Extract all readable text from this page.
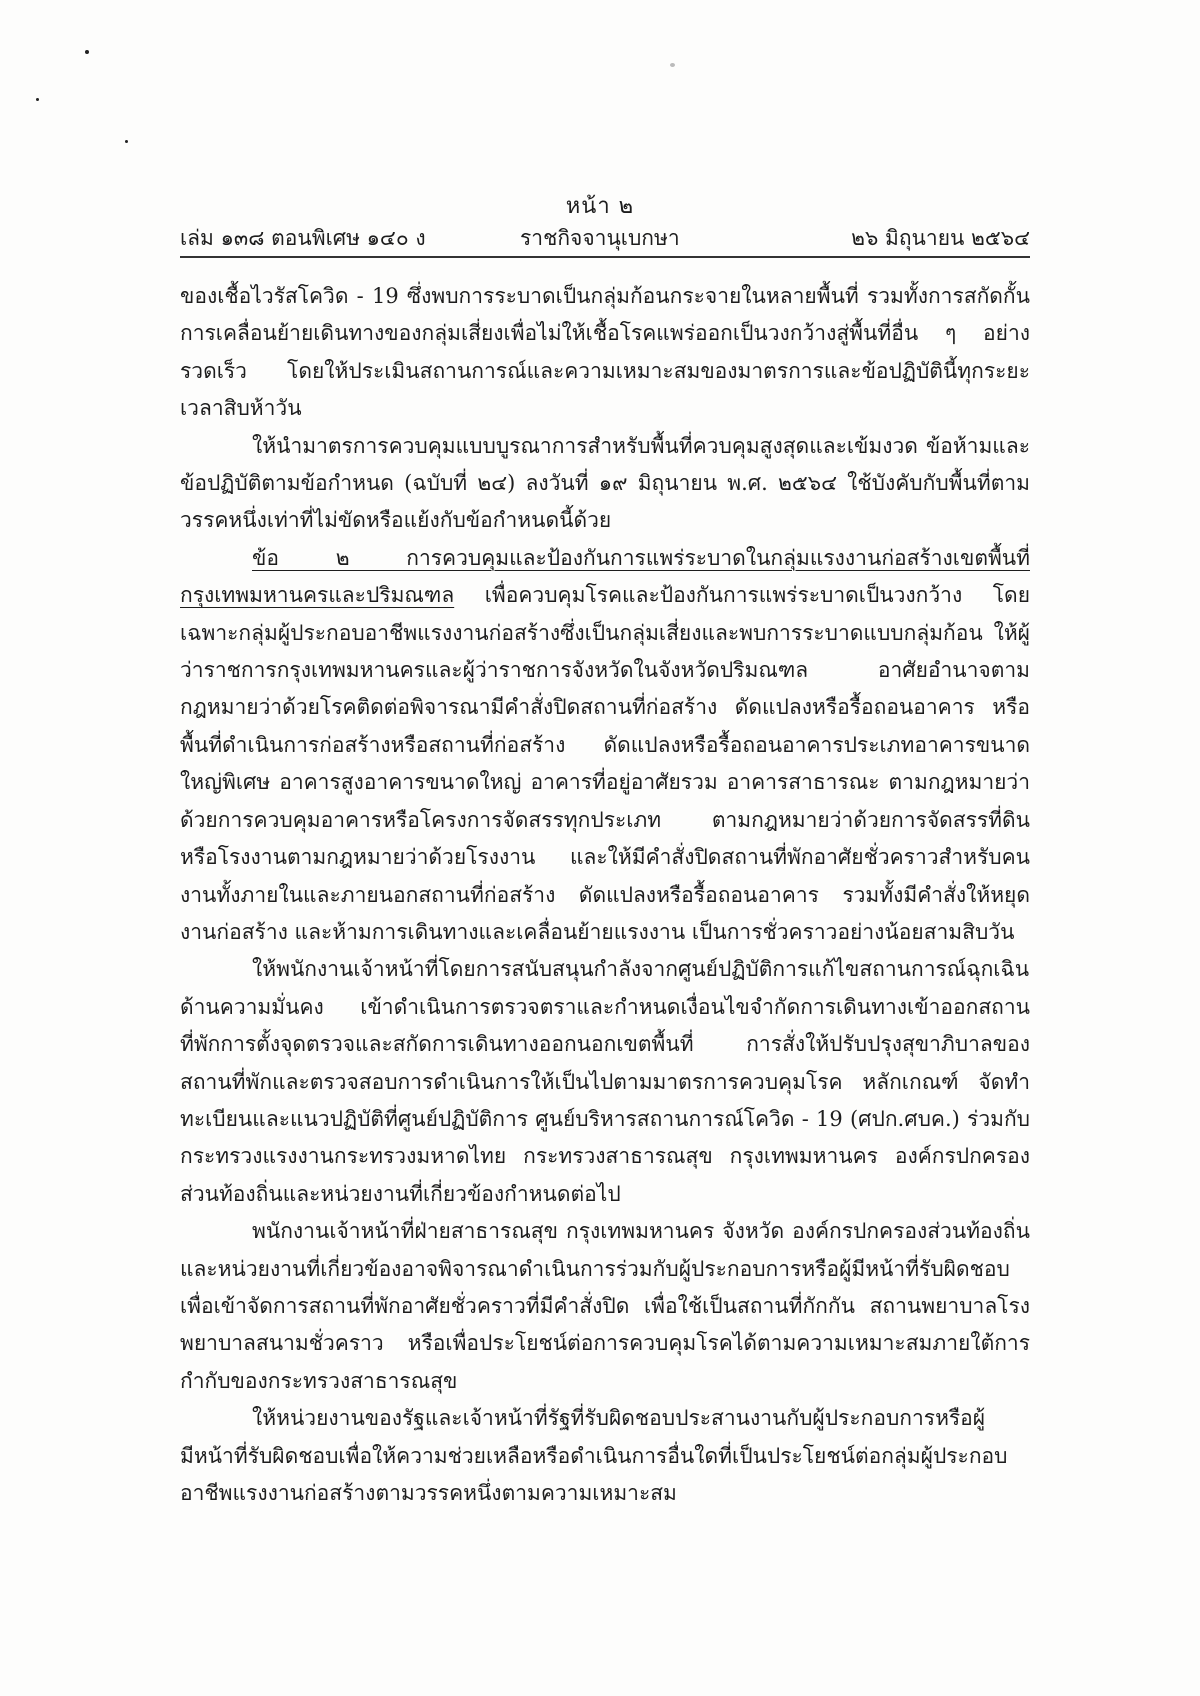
หน้า ๒
เล่ม ๑๓๘ ตอนพิเศษ ๑๔๐ ง	ราชกิจจานุเบกษา	๒๖ มิถุนายน ๒๕๖๔

ของเชื้อไวรัสโควิด - 19 ซึ่งพบการระบาดเป็นกลุ่มก้อนกระจายในหลายพื้นที่ รวมทั้งการสกัดกั้นการเคลื่อนย้ายเดินทางของกลุ่มเสี่ยงเพื่อไม่ให้เชื้อโรคแพร่ออกเป็นวงกว้างสู่พื้นที่อื่น ๆ อย่างรวดเร็ว โดยให้ประเมินสถานการณ์และความเหมาะสมของมาตรการและข้อปฏิบัตินี้ทุกระยะเวลาสิบห้าวัน

ให้นำมาตรการควบคุมแบบบูรณาการสำหรับพื้นที่ควบคุมสูงสุดและเข้มงวด ข้อห้ามและข้อปฏิบัติตามข้อกำหนด (ฉบับที่ ๒๔) ลงวันที่ ๑๙ มิถุนายน พ.ศ. ๒๕๖๔ ใช้บังคับกับพื้นที่ตามวรรคหนึ่งเท่าที่ไม่ขัดหรือแย้งกับข้อกำหนดนี้ด้วย

ข้อ ๒ การควบคุมและป้องกันการแพร่ระบาดในกลุ่มแรงงานก่อสร้างเขตพื้นที่กรุงเทพมหานครและปริมณฑล เพื่อควบคุมโรคและป้องกันการแพร่ระบาดเป็นวงกว้าง โดยเฉพาะกลุ่มผู้ประกอบอาชีพแรงงานก่อสร้างซึ่งเป็นกลุ่มเสี่ยงและพบการระบาดแบบกลุ่มก้อน ให้ผู้ว่าราชการกรุงเทพมหานครและผู้ว่าราชการจังหวัดในจังหวัดปริมณฑล อาศัยอำนาจตามกฎหมายว่าด้วยโรคติดต่อพิจารณามีคำสั่งปิดสถานที่ก่อสร้าง ดัดแปลงหรือรื้อถอนอาคาร หรือพื้นที่ดำเนินการก่อสร้างหรือสถานที่ก่อสร้าง ดัดแปลงหรือรื้อถอนอาคารประเภทอาคารขนาดใหญ่พิเศษ อาคารสูงอาคารขนาดใหญ่ อาคารที่อยู่อาศัยรวม อาคารสาธารณะ ตามกฎหมายว่าด้วยการควบคุมอาคารหรือโครงการจัดสรรทุกประเภท ตามกฎหมายว่าด้วยการจัดสรรที่ดิน หรือโรงงานตามกฎหมายว่าด้วยโรงงาน และให้มีคำสั่งปิดสถานที่พักอาศัยชั่วคราวสำหรับคนงานทั้งภายในและภายนอกสถานที่ก่อสร้าง ดัดแปลงหรือรื้อถอนอาคาร รวมทั้งมีคำสั่งให้หยุดงานก่อสร้าง และห้ามการเดินทางและเคลื่อนย้ายแรงงาน เป็นการชั่วคราวอย่างน้อยสามสิบวัน

ให้พนักงานเจ้าหน้าที่โดยการสนับสนุนกำลังจากศูนย์ปฏิบัติการแก้ไขสถานการณ์ฉุกเฉินด้านความมั่นคง เข้าดำเนินการตรวจตราและกำหนดเงื่อนไขจำกัดการเดินทางเข้าออกสถานที่พักการตั้งจุดตรวจและสกัดการเดินทางออกนอกเขตพื้นที่ การสั่งให้ปรับปรุงสุขาภิบาลของสถานที่พักและตรวจสอบการดำเนินการให้เป็นไปตามมาตรการควบคุมโรค หลักเกณฑ์ จัดทำทะเบียนและแนวปฏิบัติที่ศูนย์ปฏิบัติการ ศูนย์บริหารสถานการณ์โควิด - 19 (ศปก.ศบค.) ร่วมกับกระทรวงแรงงานกระทรวงมหาดไทย กระทรวงสาธารณสุข กรุงเทพมหานคร องค์กรปกครองส่วนท้องถิ่นและหน่วยงานที่เกี่ยวข้องกำหนดต่อไป

พนักงานเจ้าหน้าที่ฝ่ายสาธารณสุข กรุงเทพมหานคร จังหวัด องค์กรปกครองส่วนท้องถิ่นและหน่วยงานที่เกี่ยวข้องอาจพิจารณาดำเนินการร่วมกับผู้ประกอบการหรือผู้มีหน้าที่รับผิดชอบเพื่อเข้าจัดการสถานที่พักอาศัยชั่วคราวที่มีคำสั่งปิด เพื่อใช้เป็นสถานที่กักกัน สถานพยาบาลโรงพยาบาลสนามชั่วคราว หรือเพื่อประโยชน์ต่อการควบคุมโรคได้ตามความเหมาะสมภายใต้การกำกับของกระทรวงสาธารณสุข

ให้หน่วยงานของรัฐและเจ้าหน้าที่รัฐที่รับผิดชอบประสานงานกับผู้ประกอบการหรือผู้มีหน้าที่รับผิดชอบเพื่อให้ความช่วยเหลือหรือดำเนินการอื่นใดที่เป็นประโยชน์ต่อกลุ่มผู้ประกอบอาชีพแรงงานก่อสร้างตามวรรคหนึ่งตามความเหมาะสม
